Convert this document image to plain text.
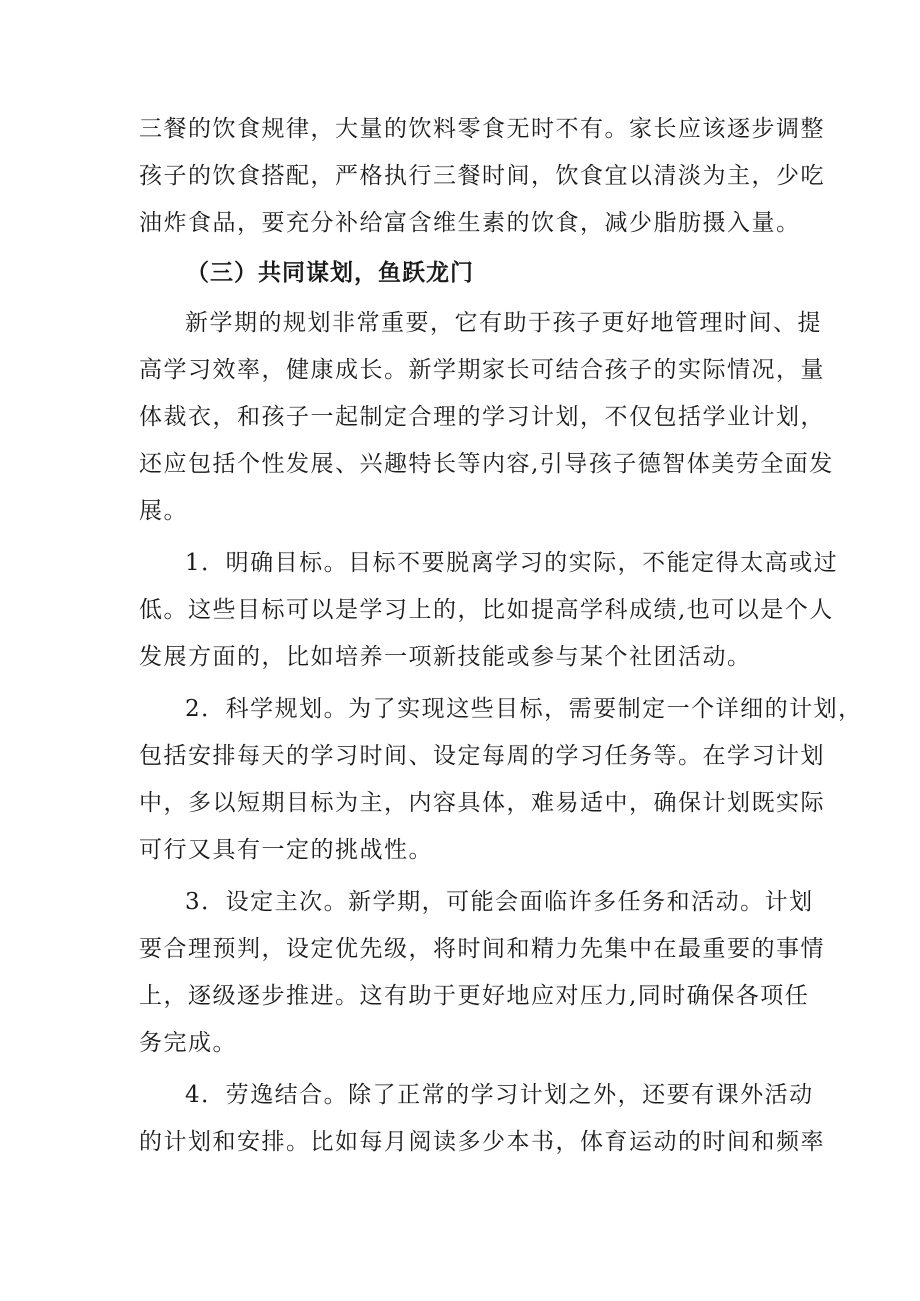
三餐的饮食规律，大量的饮料零食无时不有。家长应该逐步调整
孩子的饮食搭配，严格执行三餐时间，饮食宜以清淡为主，少吃
油炸食品，要充分补给富含维生素的饮食，减少脂肪摄入量。
（三）共同谋划，鱼跃龙门
新学期的规划非常重要，它有助于孩子更好地管理时间、提
高学习效率，健康成长。新学期家长可结合孩子的实际情况，量
体裁衣，和孩子一起制定合理的学习计划，不仅包括学业计划，
还应包括个性发展、兴趣特长等内容,引导孩子德智体美劳全面发
展。
1．明确目标。目标不要脱离学习的实际，不能定得太高或过
低。这些目标可以是学习上的，比如提高学科成绩,也可以是个人
发展方面的，比如培养一项新技能或参与某个社团活动。
2．科学规划。为了实现这些目标，需要制定一个详细的计划，
包括安排每天的学习时间、设定每周的学习任务等。在学习计划
中，多以短期目标为主，内容具体，难易适中，确保计划既实际
可行又具有一定的挑战性。
3．设定主次。新学期，可能会面临许多任务和活动。计划
要合理预判，设定优先级，将时间和精力先集中在最重要的事情
上，逐级逐步推进。这有助于更好地应对压力,同时确保各项任
务完成。
4．劳逸结合。除了正常的学习计划之外，还要有课外活动
的计划和安排。比如每月阅读多少本书，体育运动的时间和频率
